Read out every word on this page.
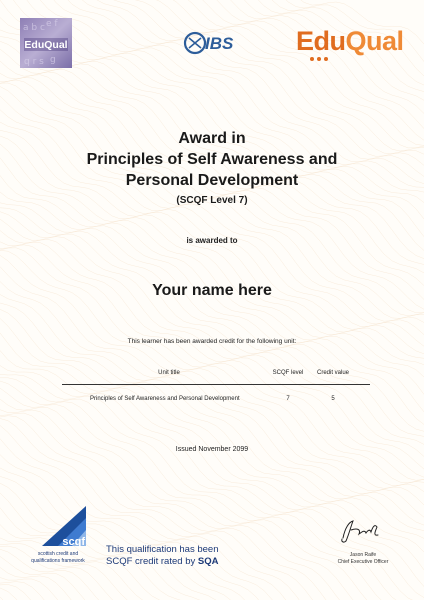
a b c e f
q r s g
EduQual	IBS EduQual
Award in
Principles of Self Awareness and
Personal Development
(SCQF Level 7)
is awarded to
Your name here
This learner has been awarded credit for the following unit:
Unit title	SCQF level	Credit value
Principles of Self Awareness and Personal Development	7	5
Issued November 2099
scqf
scottish credit and
qualifications framework
This qualification has been
SCQF credit rated by SQA
Jason Raife
Chief Executive Officer
